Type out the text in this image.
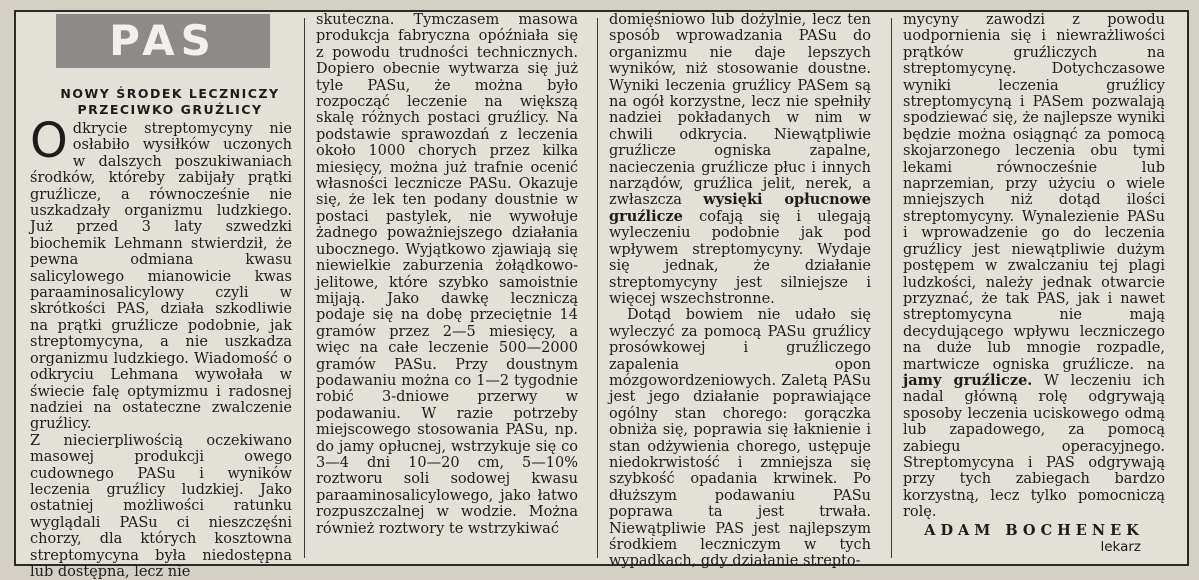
PAS
NOWY ŚRODEK LECZNICZY
PRZECIWKO GRUŹLICY

Odkrycie streptomycyny nie osłabiło wysiłków uczonych w dalszych poszukiwaniach środków, któreby zabijały prątki gruźlicze, a równocześnie nie uszkadzały organizmu ludzkiego. Już przed 3 laty szwedzki biochemik Lehmann stwierdził, że pewna odmiana kwasu salicylowego mianowicie kwas paraaminosalicylowy czyli w skrótkości PAS, działa szkodliwie na prątki gruźlicze podobnie, jak streptomycyna, a nie uszkadza organizmu ludzkiego. Wiadomość o odkryciu Lehmana wywołała w świecie falę optymizmu i radosnej nadziei na ostateczne zwalczenie gruźlicy.

Z niecierpliwością oczekiwano masowej produkcji owego cudownego PASu i wyników leczenia gruźlicy ludzkiej. Jako ostatniej możliwości ratunku wyglądali PASu ci nieszczęśni chorzy, dla których kosztowna streptomycyna była niedostępna lub dostępna, lecz nie

skuteczna. Tymczasem masowa produkcja fabryczna opóźniała się z powodu trudności technicznych. Dopiero obecnie wytwarza się już tyle PASu, że można było rozpocząć leczenie na większą skalę różnych postaci gruźlicy. Na podstawie sprawozdań z leczenia około 1000 chorych przez kilka miesięcy, można już trafnie ocenić własności lecznicze PASu. Okazuje się, że lek ten podany doustnie w postaci pastylek, nie wywołuje żadnego poważniejszego działania ubocznego. Wyjątkowo zjawiają się niewielkie zaburzenia żołądkowo-jelitowe, które szybko samoistnie mijają. Jako dawkę leczniczą podaje się na dobę przeciętnie 14 gramów przez 2—5 miesięcy, a więc na całe leczenie 500—2000 gramów PASu. Przy doustnym podawaniu można co 1—2 tygodnie robić 3-dniowe przerwy w podawaniu. W razie potrzeby miejscowego stosowania PASu, np. do jamy opłucnej, wstrzykuje się co 3—4 dni 10—20 cm, 5—10% roztworu soli sodowej kwasu paraaminosalicylowego, jako łatwo rozpuszczalnej w wodzie. Można również roztwory te wstrzykiwać

domięśniowo lub dożylnie, lecz ten sposób wprowadzania PASu do organizmu nie daje lepszych wyników, niż stosowanie doustne. Wyniki leczenia gruźlicy PASem są na ogół korzystne, lecz nie spełniły nadziei pokładanych w nim w chwili odkrycia. Niewątpliwie gruźlicze ogniska zapalne, nacieczenia gruźlicze płuc i innych narządów, gruźlica jelit, nerek, a zwłaszcza wysięki opłucnowe gruźlicze cofają się i ulegają wyleczeniu podobnie jak pod wpływem streptomycyny. Wydaje się jednak, że działanie streptomycyny jest silniejsze i więcej wszechstronne.

Dotąd bowiem nie udało się wyleczyć za pomocą PASu gruźlicy prosówkowej i gruźliczego zapalenia opon mózgowordzeniowych. Zaletą PASu jest jego działanie poprawiające ogólny stan chorego: gorączka obniża się, poprawia się łaknienie i stan odżywienia chorego, ustępuje niedokrwistość i zmniejsza się szybkość opadania krwinek. Po dłuższym podawaniu PASu poprawa ta jest trwała. Niewątpliwie PAS jest najlepszym środkiem leczniczym w tych wypadkach, gdy działanie strepto-

mycyny zawodzi z powodu uodpornienia się i niewrażliwości prątków gruźliczych na streptomycynę. Dotychczasowe wyniki leczenia gruźlicy streptomycyną i PASem pozwalają spodziewać się, że najlepsze wyniki będzie można osiągnąć za pomocą skojarzonego leczenia obu tymi lekami równocześnie lub naprzemian, przy użyciu o wiele mniejszych niż dotąd ilości streptomycyny. Wynalezienie PASu i wprowadzenie go do leczenia gruźlicy jest niewątpliwie dużym postępem w zwalczaniu tej plagi ludzkości, należy jednak otwarcie przyznać, że tak PAS, jak i nawet streptomycyna nie mają decydującego wpływu leczniczego na duże lub mnogie rozpadle, martwicze ogniska gruźlicze. na jamy gruźlicze. W leczeniu ich nadal główną rolę odgrywają sposoby leczenia uciskowego odmą lub zapadowego, za pomocą zabiegu operacyjnego. Streptomycyna i PAS odgrywają przy tych zabiegach bardzo korzystną, lecz tylko pomocniczą rolę.

ADAM BOCHENEK
lekarz
